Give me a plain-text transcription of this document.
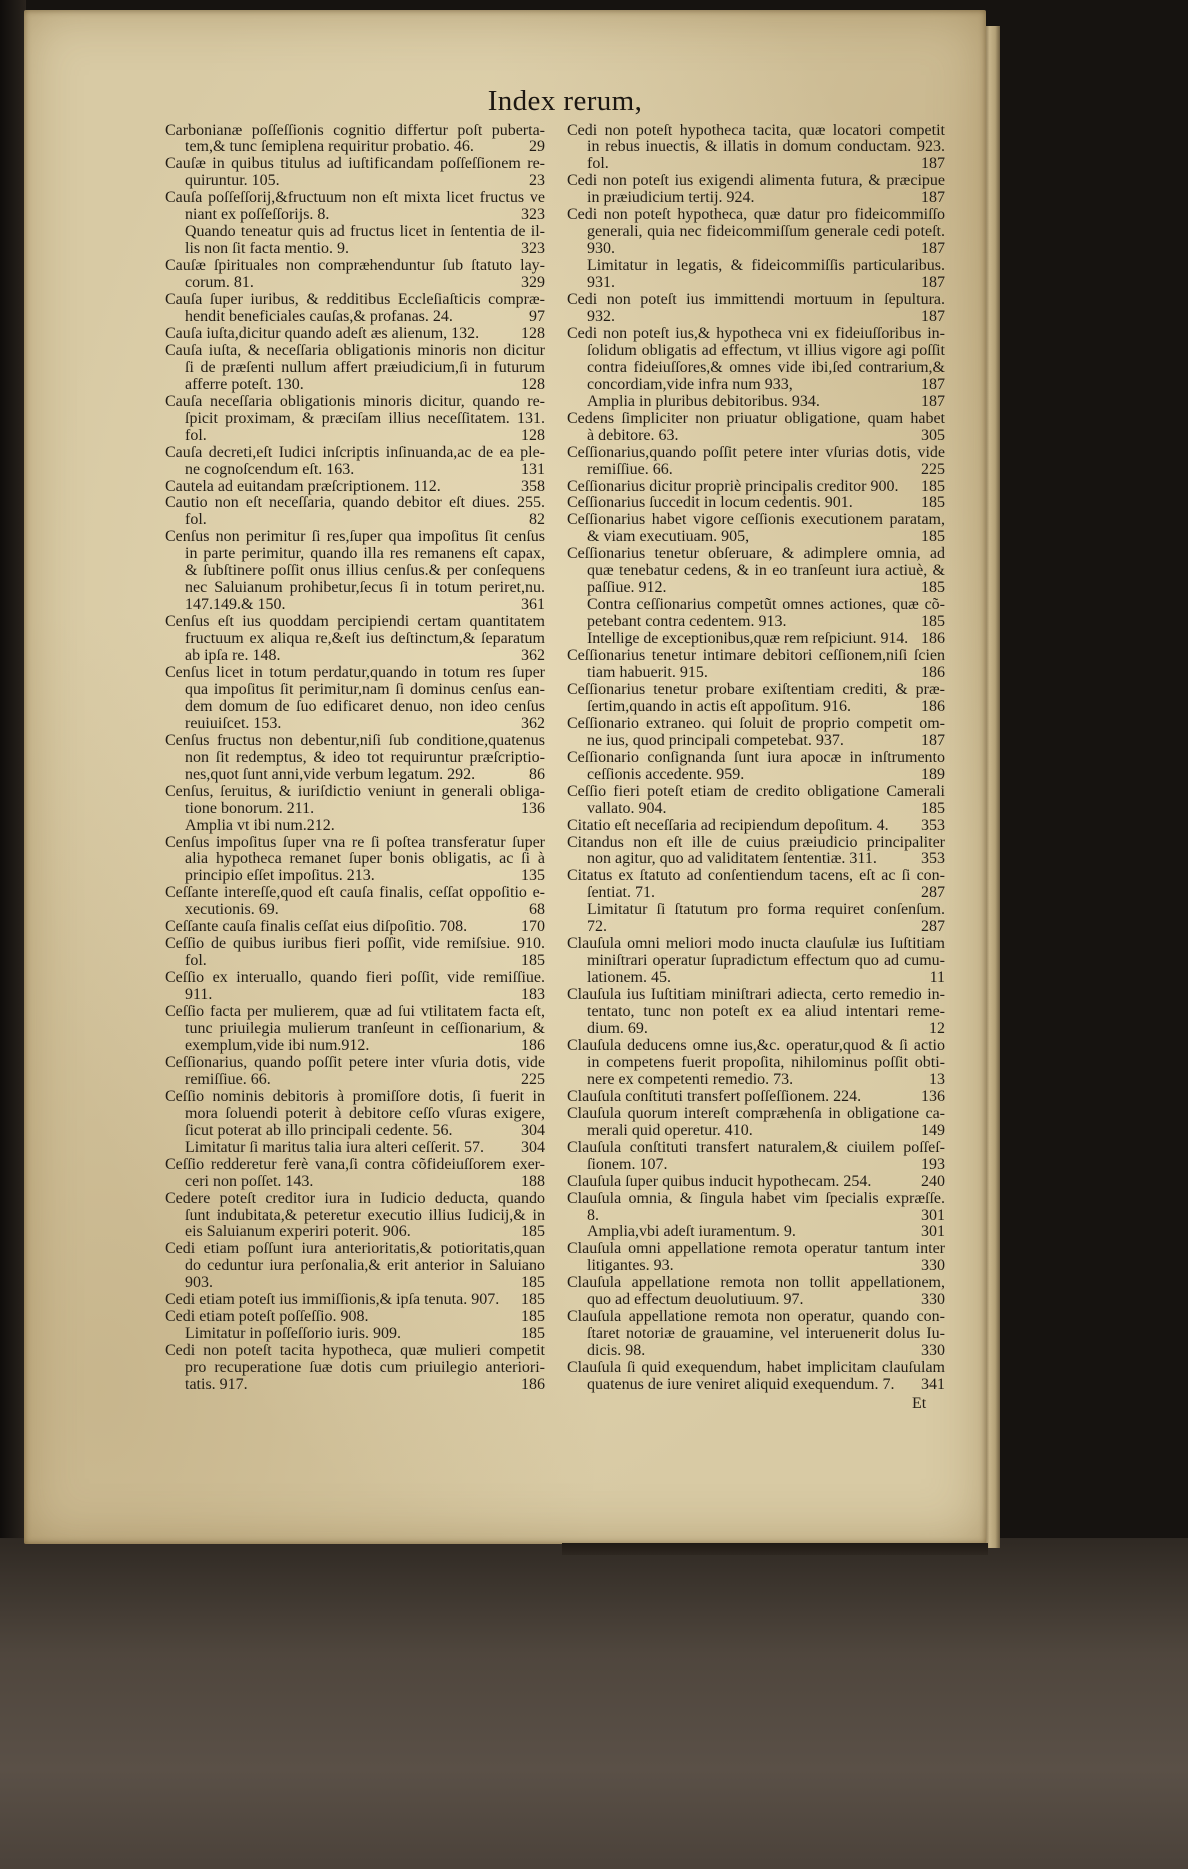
Index rerum,
Carbonianæ poſſeſſionis cognitio differtur poſt puberta-
tem,& tunc ſemiplena requiritur probatio. 46.	29
Cauſæ in quibus titulus ad iuſtificandam poſſeſſionem re-
quiruntur. 105.	23
Cauſa poſſeſſorij,&fructuum non eſt mixta licet fructus ve
niant ex poſſeſſorijs. 8.	323
Quando teneatur quis ad fructus licet in ſententia de il-
lis non ſit facta mentio. 9.	323
Cauſæ ſpirituales non compræhenduntur ſub ſtatuto lay-
corum. 81.	329
Cauſa ſuper iuribus, & redditibus Eccleſiaſticis compræ-
hendit beneficiales cauſas,& profanas. 24.	97
Cauſa iuſta,dicitur quando adeſt æs alienum, 132.	128
Cauſa iuſta, & neceſſaria obligationis minoris non dicitur
ſi de præſenti nullum affert præiudicium,ſi in futurum
afferre poteſt. 130.	128
Cauſa neceſſaria obligationis minoris dicitur, quando re-
ſpicit proximam, & præciſam illius neceſſitatem. 131.
fol.	128
Cauſa decreti,eſt Iudici inſcriptis inſinuanda,ac de ea ple-
ne cognoſcendum eſt. 163.	131
Cautela ad euitandam præſcriptionem. 112.	358
Cautio non eſt neceſſaria, quando debitor eſt diues. 255.
fol.	82
Cenſus non perimitur ſi res,ſuper qua impoſitus ſit cenſus
in parte perimitur, quando illa res remanens eſt capax,
& ſubſtinere poſſit onus illius cenſus.& per conſequens
nec Saluianum prohibetur,ſecus ſi in totum periret,nu.
147.149.& 150.	361
Cenſus eſt ius quoddam percipiendi certam quantitatem
fructuum ex aliqua re,&eſt ius deſtinctum,& ſeparatum
ab ipſa re. 148.	362
Cenſus licet in totum perdatur,quando in totum res ſuper
qua impoſitus ſit perimitur,nam ſi dominus cenſus ean-
dem domum de ſuo edificaret denuo, non ideo cenſus
reuiuiſcet. 153.	362
Cenſus fructus non debentur,niſi ſub conditione,quatenus
non ſit redemptus, & ideo tot requiruntur præſcriptio-
nes,quot ſunt anni,vide verbum legatum. 292.	86
Cenſus, ſeruitus, & iuriſdictio veniunt in generali obliga-
tione bonorum. 211.	136
Amplia vt ibi num.212.
Cenſus impoſitus ſuper vna re ſi poſtea transferatur ſuper
alia hypotheca remanet ſuper bonis obligatis, ac ſi à
principio eſſet impoſitus. 213.	135
Ceſſante intereſſe,quod eſt cauſa finalis, ceſſat oppoſitio e-
xecutionis. 69.	68
Ceſſante cauſa finalis ceſſat eius diſpoſitio. 708.	170
Ceſſio de quibus iuribus fieri poſſit, vide remiſsiue. 910.
fol.	185
Ceſſio ex interuallo, quando fieri poſſit, vide remiſſiue.
911.	183
Ceſſio facta per mulierem, quæ ad ſui vtilitatem facta eſt,
tunc priuilegia mulierum tranſeunt in ceſſionarium, &
exemplum,vide ibi num.912.	186
Ceſſionarius, quando poſſit petere inter vſuria dotis, vide
remiſſiue. 66.	225
Ceſſio nominis debitoris à promiſſore dotis, ſi fuerit in
mora ſoluendi poterit à debitore ceſſo vſuras exigere,
ſicut poterat ab illo principali cedente. 56.	304
Limitatur ſi maritus talia iura alteri ceſſerit. 57.	304
Ceſſio redderetur ferè vana,ſi contra cõfideiuſſorem exer-
ceri non poſſet. 143.	188
Cedere poteſt creditor iura in Iudicio deducta, quando
ſunt indubitata,& peteretur executio illius Iudicij,& in
eis Saluianum experiri poterit. 906.	185
Cedi etiam poſſunt iura anterioritatis,& potioritatis,quan
do ceduntur iura perſonalia,& erit anterior in Saluiano
903.	185
Cedi etiam poteſt ius immiſſionis,& ipſa tenuta. 907.	185
Cedi etiam poteſt poſſeſſio. 908.	185
Limitatur in poſſeſſorio iuris. 909.	185
Cedi non poteſt tacita hypotheca, quæ mulieri competit
pro recuperatione ſuæ dotis cum priuilegio anteriori-
tatis. 917.	186
Cedi non poteſt hypotheca tacita, quæ locatori competit
in rebus inuectis, & illatis in domum conductam. 923.
fol.	187
Cedi non poteſt ius exigendi alimenta futura, & præcipue
in præiudicium tertij. 924.	187
Cedi non poteſt hypotheca, quæ datur pro fideicommiſſo
generali, quia nec fideicommiſſum generale cedi poteſt.
930.	187
Limitatur in legatis, & fideicommiſſis particularibus.
931.	187
Cedi non poteſt ius immittendi mortuum in ſepultura.
932.	187
Cedi non poteſt ius,& hypotheca vni ex fideiuſſoribus in-
ſolidum obligatis ad effectum, vt illius vigore agi poſſit
contra fideiuſſores,& omnes vide ibi,ſed contrarium,&
concordiam,vide infra num 933,	187
Amplia in pluribus debitoribus. 934.	187
Cedens ſimpliciter non priuatur obligatione, quam habet
à debitore. 63.	305
Ceſſionarius,quando poſſit petere inter vſurias dotis, vide
remiſſiue. 66.	225
Ceſſionarius dicitur propriè principalis creditor 900.	185
Ceſſionarius ſuccedit in locum cedentis. 901.	185
Ceſſionarius habet vigore ceſſionis executionem paratam,
& viam executiuam. 905,	185
Ceſſionarius tenetur obſeruare, & adimplere omnia, ad
quæ tenebatur cedens, & in eo tranſeunt iura actiuè, &
paſſiue. 912.	185
Contra ceſſionarius competũt omnes actiones, quæ cõ-
petebant contra cedentem. 913.	185
Intellige de exceptionibus,quæ rem reſpiciunt. 914. 186
Ceſſionarius tenetur intimare debitori ceſſionem,niſi ſcien
tiam habuerit. 915.	186
Ceſſionarius tenetur probare exiſtentiam crediti, & præ-
ſertim,quando in actis eſt appoſitum. 916.	186
Ceſſionario extraneo. qui ſoluit de proprio competit om-
ne ius, quod principali competebat. 937.	187
Ceſſionario conſignanda ſunt iura apocæ in inſtrumento
ceſſionis accedente. 959.	189
Ceſſio fieri poteſt etiam de credito obligatione Camerali
vallato. 904.	185
Citatio eſt neceſſaria ad recipiendum depoſitum. 4.	353
Citandus non eſt ille de cuius præiudicio principaliter
non agitur, quo ad validitatem ſententiæ. 311.	353
Citatus ex ſtatuto ad conſentiendum tacens, eſt ac ſi con-
ſentiat. 71.	287
Limitatur ſi ſtatutum pro forma requiret conſenſum.
72.	287
Clauſula omni meliori modo inucta clauſulæ ius Iuſtitiam
miniſtrari operatur ſupradictum effectum quo ad cumu-
lationem. 45.	11
Clauſula ius Iuſtitiam miniſtrari adiecta, certo remedio in-
tentato, tunc non poteſt ex ea aliud intentari reme-
dium. 69.	12
Clauſula deducens omne ius,&c. operatur,quod & ſi actio
in competens fuerit propoſita, nihilominus poſſit obti-
nere ex competenti remedio. 73.	13
Clauſula conſtituti transfert poſſeſſionem. 224.	136
Clauſula quorum intereſt compræhenſa in obligatione ca-
merali quid operetur. 410.	149
Clauſula conſtituti transfert naturalem,& ciuilem poſſeſ-
ſionem. 107.	193
Clauſula ſuper quibus inducit hypothecam. 254.	240
Clauſula omnia, & ſingula habet vim ſpecialis expræſſe.
8.	301
Amplia,vbi adeſt iuramentum. 9.	301
Clauſula omni appellatione remota operatur tantum inter
litigantes. 93.	330
Clauſula appellatione remota non tollit appellationem,
quo ad effectum deuolutiuum. 97.	330
Clauſula appellatione remota non operatur, quando con-
ſtaret notoriæ de grauamine, vel interuenerit dolus Iu-
dicis. 98.	330
Clauſula ſi quid exequendum, habet implicitam clauſulam
quatenus de iure veniret aliquid exequendum. 7.	341
Et
